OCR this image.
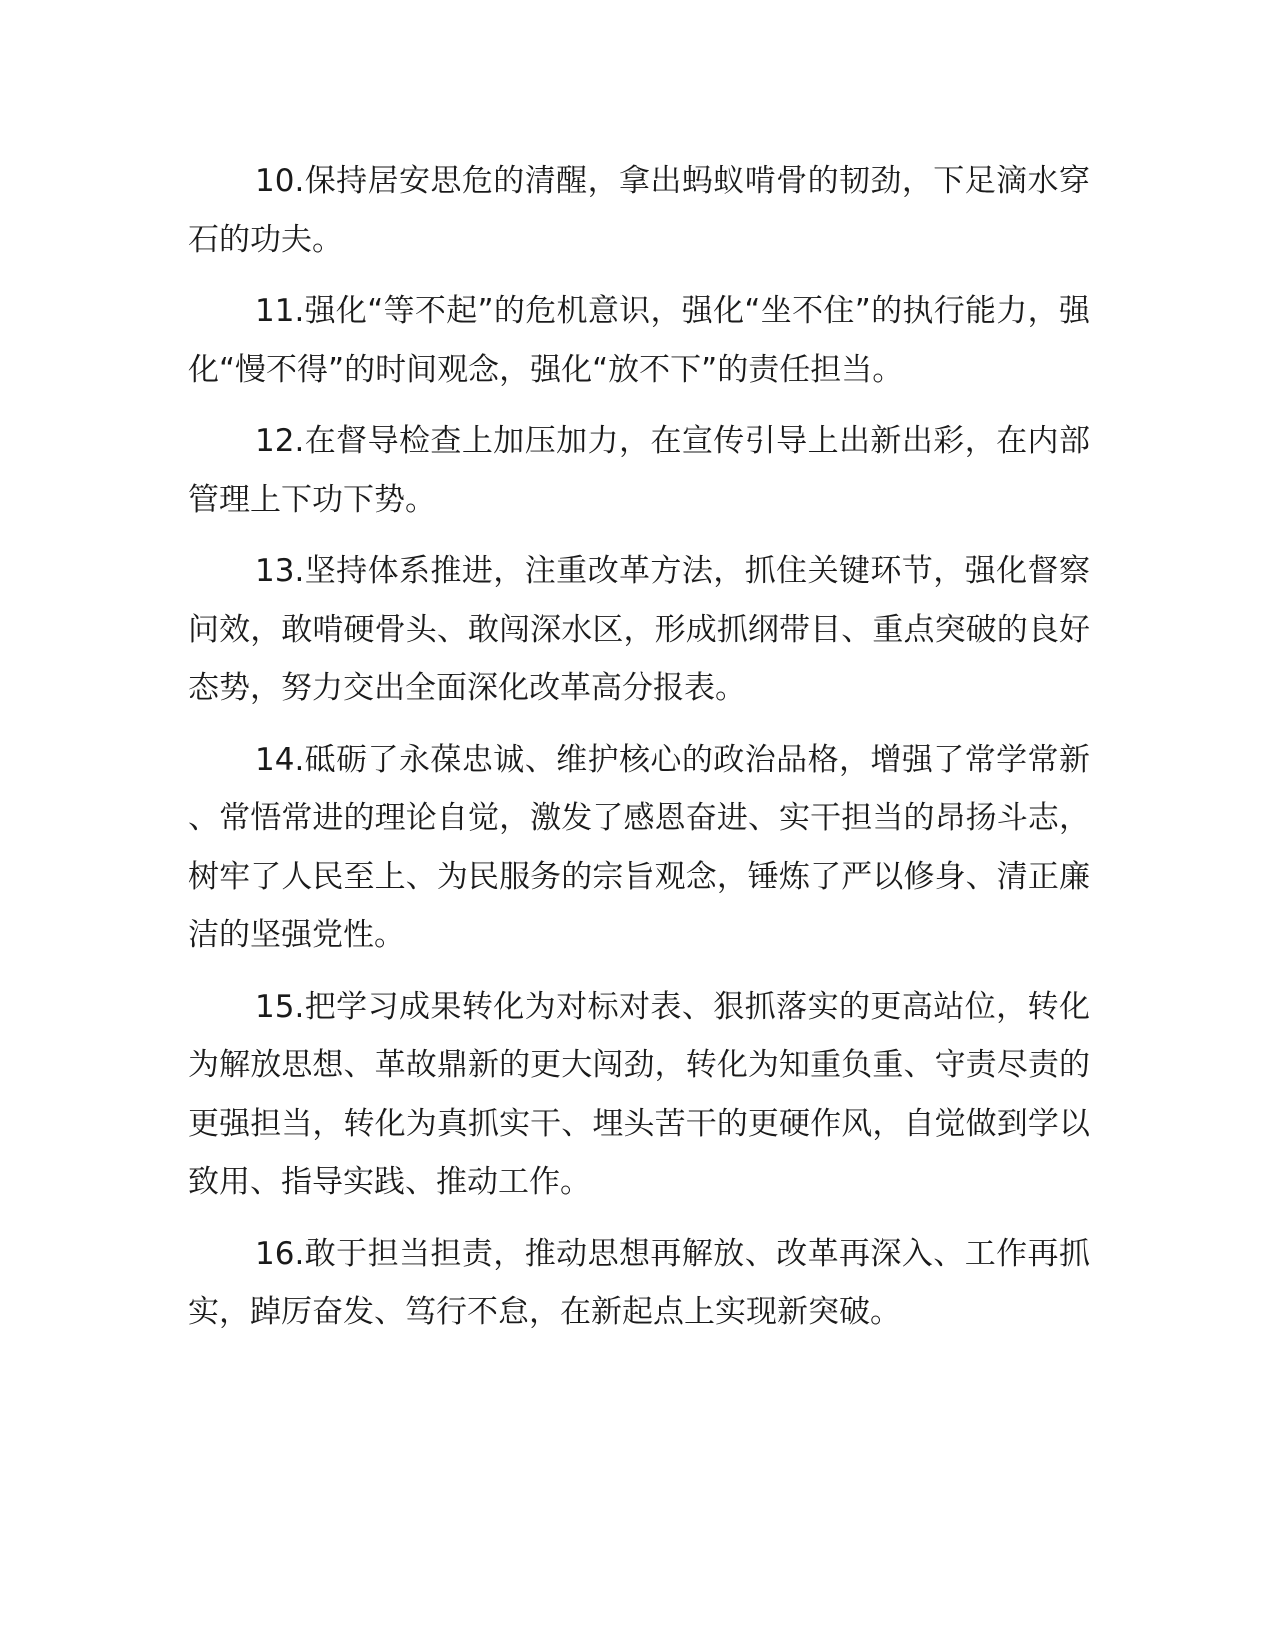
10.保持居安思危的清醒，拿出蚂蚁啃骨的韧劲，下足滴水穿石的功夫。

11.强化“等不起”的危机意识，强化“坐不住”的执行能力，强化“慢不得”的时间观念，强化“放不下”的责任担当。

12.在督导检查上加压加力，在宣传引导上出新出彩，在内部管理上下功下势。

13.坚持体系推进，注重改革方法，抓住关键环节，强化督察问效，敢啃硬骨头、敢闯深水区，形成抓纲带目、重点突破的良好态势，努力交出全面深化改革高分报表。

14.砥砺了永葆忠诚、维护核心的政治品格，增强了常学常新、常悟常进的理论自觉，激发了感恩奋进、实干担当的昂扬斗志，树牢了人民至上、为民服务的宗旨观念，锤炼了严以修身、清正廉洁的坚强党性。

15.把学习成果转化为对标对表、狠抓落实的更高站位，转化为解放思想、革故鼎新的更大闯劲，转化为知重负重、守责尽责的更强担当，转化为真抓实干、埋头苦干的更硬作风，自觉做到学以致用、指导实践、推动工作。

16.敢于担当担责，推动思想再解放、改革再深入、工作再抓实，踔厉奋发、笃行不怠，在新起点上实现新突破。
